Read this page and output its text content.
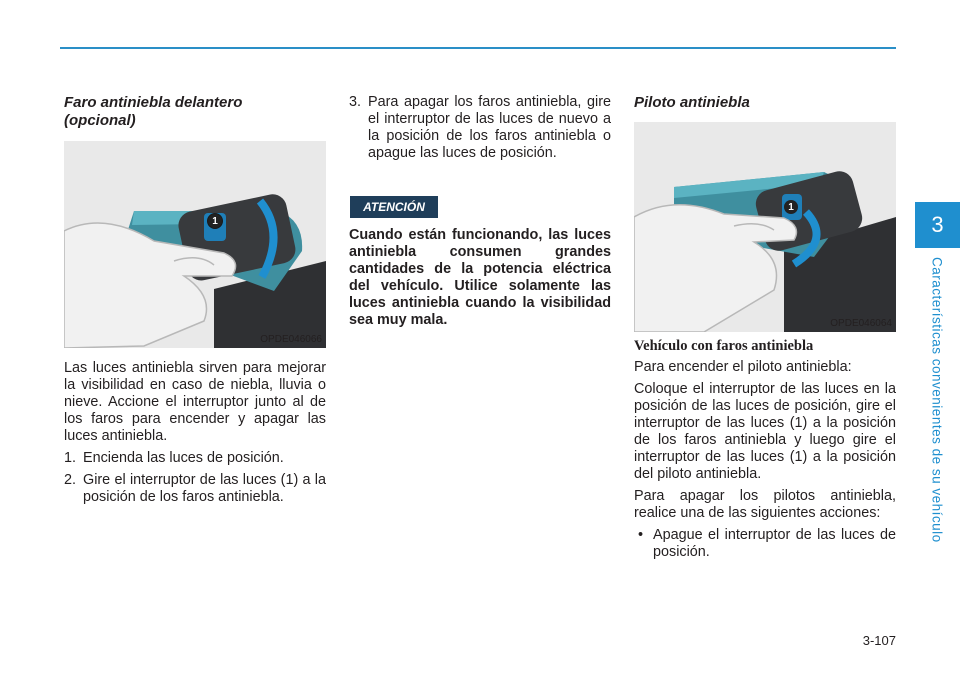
3
Características convenientes de su vehículo
Faro antiniebla delantero
(opcional)
1
OPDE046066

Las luces antiniebla sirven para mejorar la visibilidad en caso de niebla, lluvia o nieve. Accione el interruptor junto al de los faros para encender y apagar las luces antiniebla.

1. Encienda las luces de posición.
2. Gire el interruptor de las luces (1) a la posición de los faros antiniebla.
3. Para apagar los faros antiniebla, gire el interruptor de las luces de nuevo a la posición de los faros antiniebla o apague las luces de posición.
ATENCIÓN
Cuando están funcionando, las luces antiniebla consumen grandes cantidades de la potencia eléctrica del vehículo. Utilice solamente las luces antiniebla cuando la visibilidad sea muy mala.
Piloto antiniebla
1
OPDE046064
Vehículo con faros antiniebla

Para encender el piloto antiniebla:

Coloque el interruptor de las luces en la posición de las luces de posición, gire el interruptor de las luces (1) a la posición de los faros antiniebla y luego gire el interruptor de las luces (1) a la posición del piloto antiniebla.

Para apagar los pilotos antiniebla, realice una de las siguientes acciones:

• Apague el interruptor de las luces de posición.
3-107
